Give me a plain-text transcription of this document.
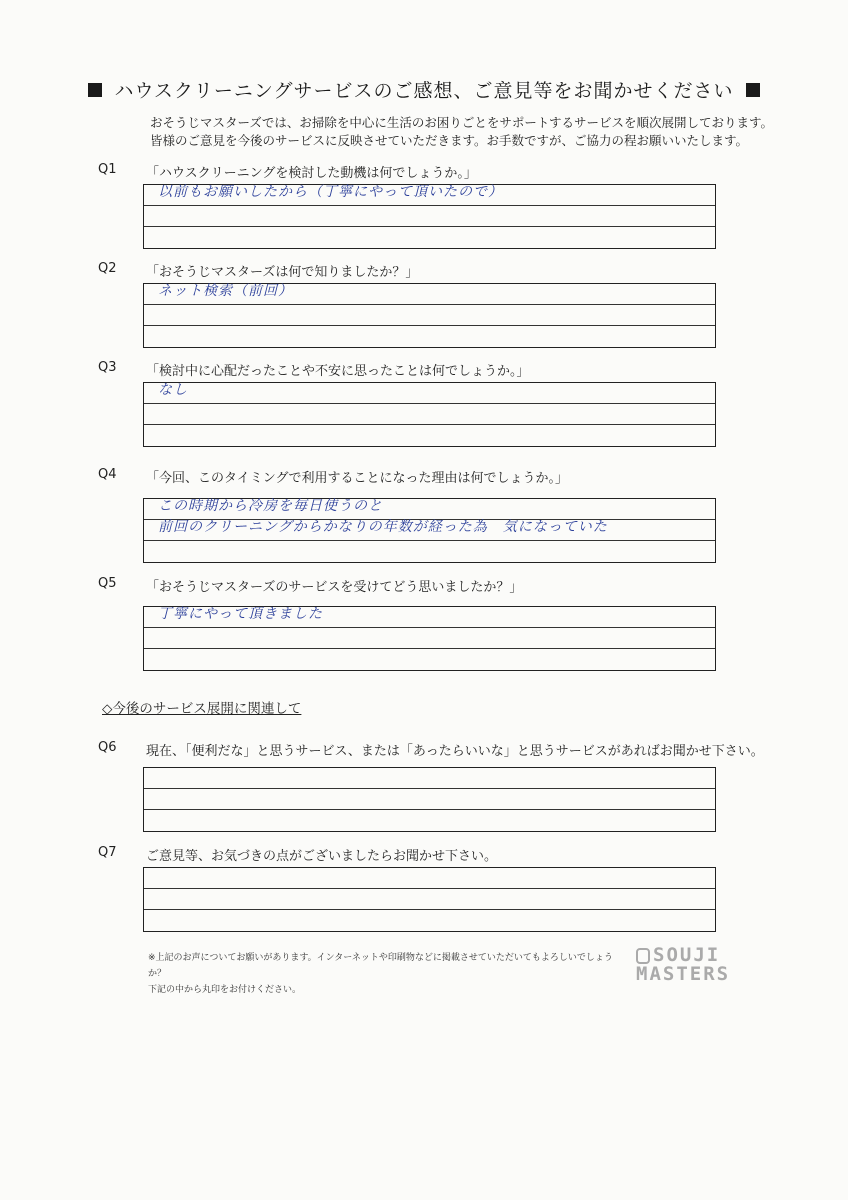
ハウスクリーニングサービスのご感想、ご意見等をお聞かせください
おそうじマスターズでは、お掃除を中心に生活のお困りごとをサポートするサービスを順次展開しております。
皆様のご意見を今後のサービスに反映させていただきます。お手数ですが、ご協力の程お願いいたします。
Q1	「ハウスクリーニングを検討した動機は何でしょうか。」
以前もお願いしたから（丁寧にやって頂いたので）
Q2	「おそうじマスターズは何で知りましたか？」
ネット検索（前回）
Q3	「検討中に心配だったことや不安に思ったことは何でしょうか。」
なし
Q4	「今回、このタイミングで利用することになった理由は何でしょうか。」
この時期から冷房を毎日使うのと
前回のクリーニングからかなりの年数が経った為　気になっていた
Q5	「おそうじマスターズのサービスを受けてどう思いましたか？」
丁寧にやって頂きました
◇今後のサービス展開に関連して
Q6	現在、「便利だな」と思うサービス、または「あったらいいな」と思うサービスがあればお聞かせ下さい。
Q7	ご意見等、お気づきの点がございましたらお聞かせ下さい。
※上記のお声についてお願いがあります。インターネットや印刷物などに掲載させていただいてもよろしいでしょうか？
下記の中から丸印をお付けください。
SOUJI
MASTERS
